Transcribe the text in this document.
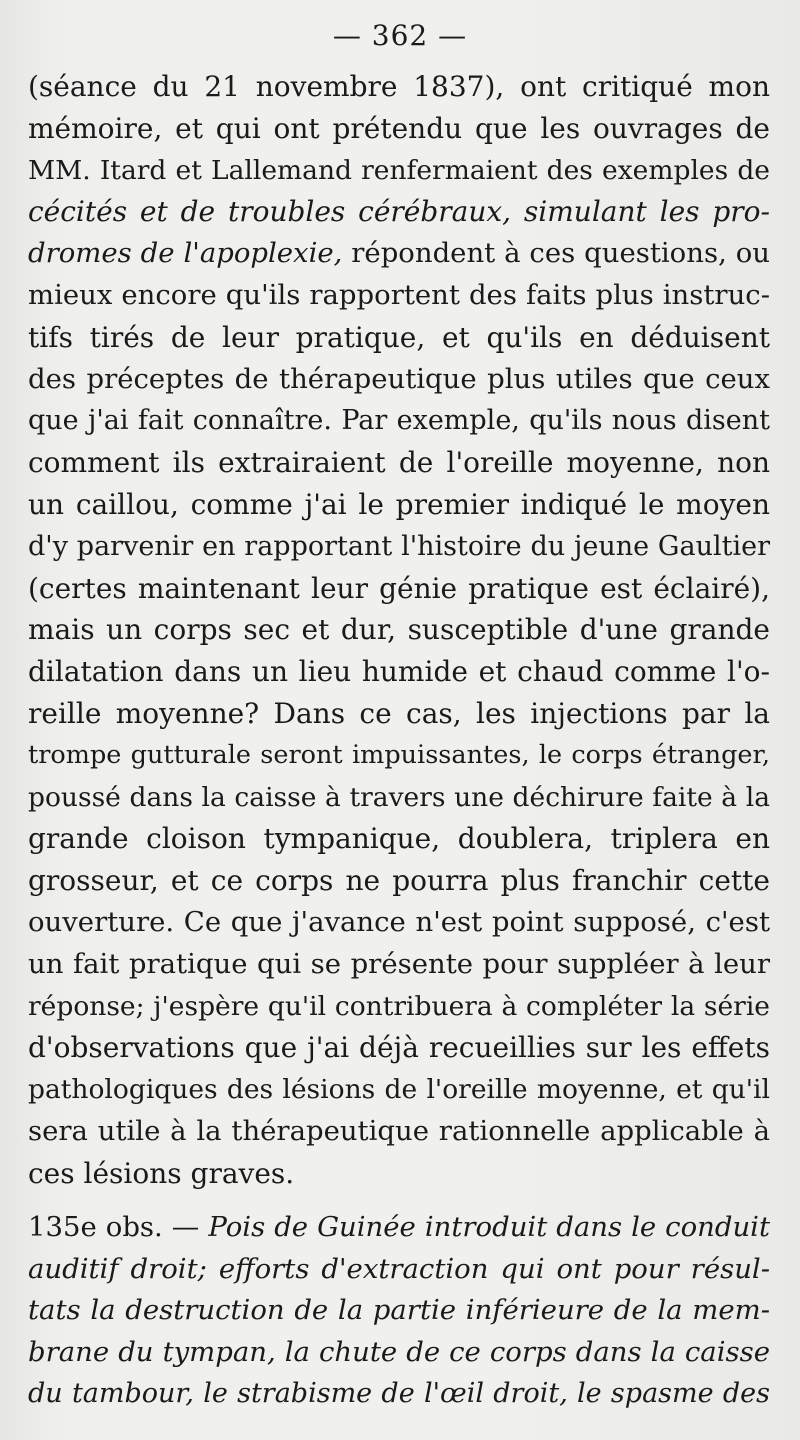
— 362 —
(séance du 21 novembre 1837), ont critiqué mon
mémoire, et qui ont prétendu que les ouvrages de
MM. Itard et Lallemand renfermaient des exemples de
cécités et de troubles cérébraux, simulant les pro-
dromes de l'apoplexie, répondent à ces questions, ou
mieux encore qu'ils rapportent des faits plus instruc-
tifs tirés de leur pratique, et qu'ils en déduisent
des préceptes de thérapeutique plus utiles que ceux
que j'ai fait connaître. Par exemple, qu'ils nous disent
comment ils extrairaient de l'oreille moyenne, non
un caillou, comme j'ai le premier indiqué le moyen
d'y parvenir en rapportant l'histoire du jeune Gaultier
(certes maintenant leur génie pratique est éclairé),
mais un corps sec et dur, susceptible d'une grande
dilatation dans un lieu humide et chaud comme l'o-
reille moyenne? Dans ce cas, les injections par la
trompe gutturale seront impuissantes, le corps étranger,
poussé dans la caisse à travers une déchirure faite à la
grande cloison tympanique, doublera, triplera en
grosseur, et ce corps ne pourra plus franchir cette
ouverture. Ce que j'avance n'est point supposé, c'est
un fait pratique qui se présente pour suppléer à leur
réponse; j'espère qu'il contribuera à compléter la série
d'observations que j'ai déjà recueillies sur les effets
pathologiques des lésions de l'oreille moyenne, et qu'il
sera utile à la thérapeutique rationnelle applicable à
ces lésions graves.
135e obs. — Pois de Guinée introduit dans le conduit
auditif droit; efforts d'extraction qui ont pour résul-
tats la destruction de la partie inférieure de la mem-
brane du tympan, la chute de ce corps dans la caisse
du tambour, le strabisme de l'œil droit, le spasme des
